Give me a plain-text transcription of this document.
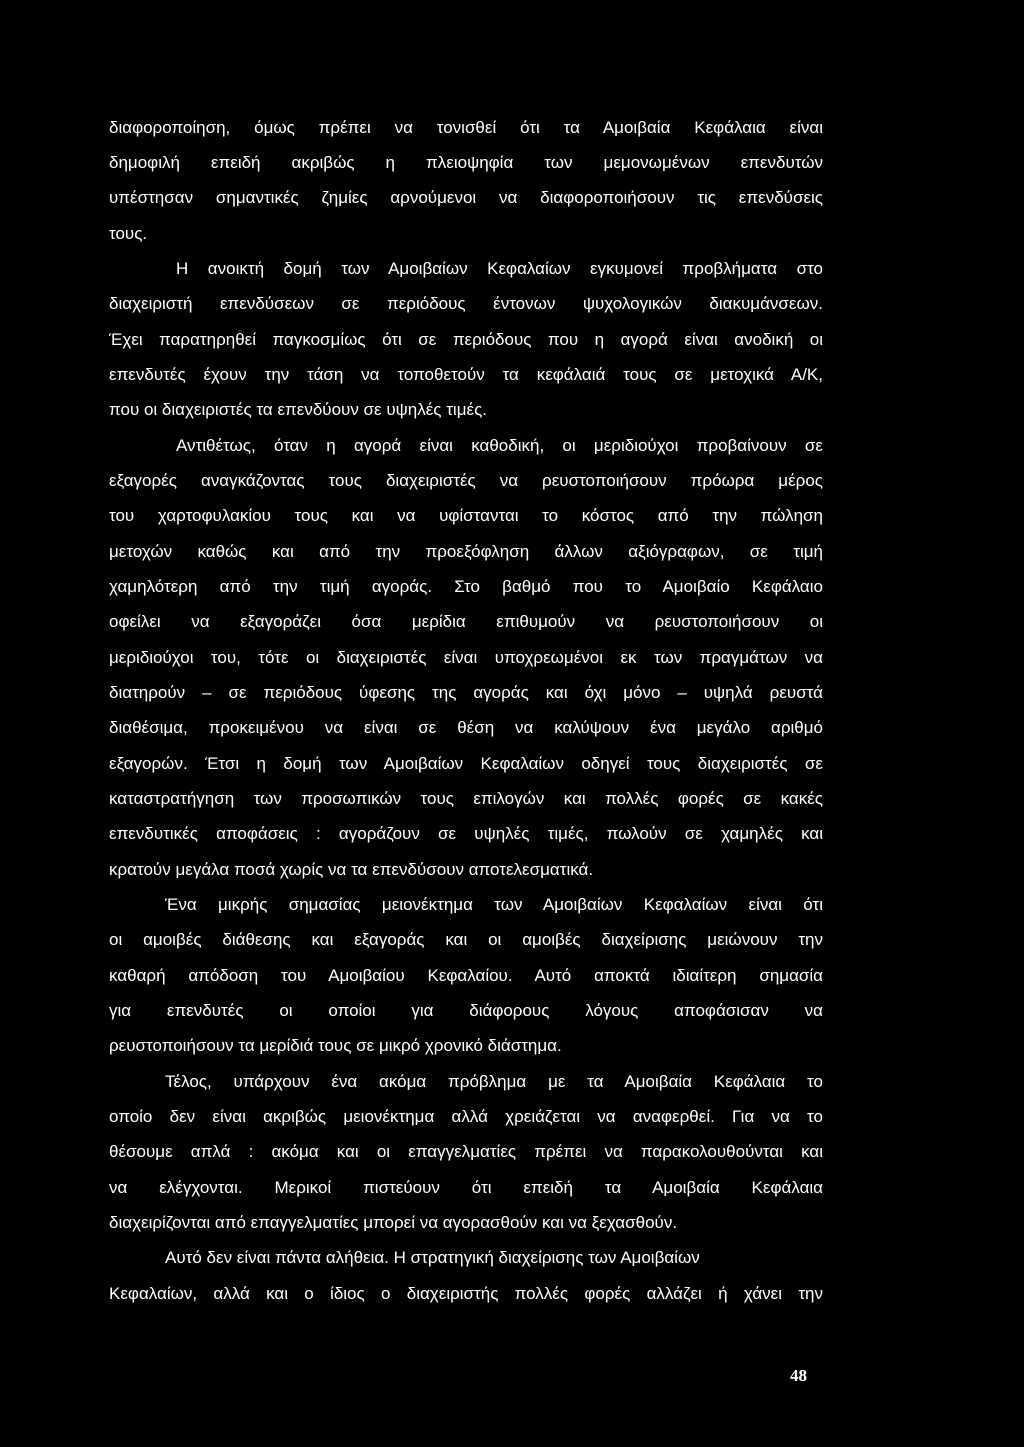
διαφοροποίηση, όμως πρέπει να τονισθεί ότι τα Αμοιβαία Κεφάλαια είναι
δημοφιλή επειδή ακριβώς η πλειοψηφία των μεμονωμένων επενδυτών
υπέστησαν σημαντικές ζημίες αρνούμενοι να διαφοροποιήσουν τις επενδύσεις
τους.
Η ανοικτή δομή των Αμοιβαίων Κεφαλαίων εγκυμονεί προβλήματα στο
διαχειριστή επενδύσεων σε περιόδους έντονων ψυχολογικών διακυμάνσεων.
Έχει παρατηρηθεί παγκοσμίως ότι σε περιόδους που η αγορά είναι ανοδική οι
επενδυτές έχουν την τάση να τοποθετούν τα κεφάλαιά τους σε μετοχικά Α/Κ,
που οι διαχειριστές τα επενδύουν σε υψηλές τιμές.
Αντιθέτως, όταν η αγορά είναι καθοδική, οι μεριδιούχοι προβαίνουν σε
εξαγορές αναγκάζοντας τους διαχειριστές να ρευστοποιήσουν πρόωρα μέρος
του χαρτοφυλακίου τους και να υφίστανται το κόστος από την πώληση
μετοχών καθώς και από την προεξόφληση άλλων αξιόγραφων, σε τιμή
χαμηλότερη από την τιμή αγοράς. Στο βαθμό που το Αμοιβαίο Κεφάλαιο
οφείλει να εξαγοράζει όσα μερίδια επιθυμούν να ρευστοποιήσουν οι
μεριδιούχοι του, τότε οι διαχειριστές είναι υποχρεωμένοι εκ των πραγμάτων να
διατηρούν – σε περιόδους ύφεσης της αγοράς και όχι μόνο – υψηλά ρευστά
διαθέσιμα, προκειμένου να είναι σε θέση να καλύψουν ένα μεγάλο αριθμό
εξαγορών. Έτσι η δομή των Αμοιβαίων Κεφαλαίων οδηγεί τους διαχειριστές σε
καταστρατήγηση των προσωπικών τους επιλογών και πολλές φορές σε κακές
επενδυτικές αποφάσεις : αγοράζουν σε υψηλές τιμές, πωλούν σε χαμηλές και
κρατούν μεγάλα ποσά χωρίς να τα επενδύσουν αποτελεσματικά.
Ένα μικρής σημασίας μειονέκτημα των Αμοιβαίων Κεφαλαίων είναι ότι
οι αμοιβές διάθεσης και εξαγοράς και οι αμοιβές διαχείρισης μειώνουν την
καθαρή απόδοση του Αμοιβαίου Κεφαλαίου. Αυτό αποκτά ιδιαίτερη σημασία
για επενδυτές οι οποίοι για διάφορους λόγους αποφάσισαν να
ρευστοποιήσουν τα μερίδιά τους σε μικρό χρονικό διάστημα.
Τέλος, υπάρχουν ένα ακόμα πρόβλημα με τα Αμοιβαία Κεφάλαια το
οποίο δεν είναι ακριβώς μειονέκτημα αλλά χρειάζεται να αναφερθεί. Για να το
θέσουμε απλά : ακόμα και οι επαγγελματίες πρέπει να παρακολουθούνται και
να ελέγχονται. Μερικοί πιστεύουν ότι επειδή τα Αμοιβαία Κεφάλαια
διαχειρίζονται από επαγγελματίες μπορεί να αγορασθούν και να ξεχασθούν.
Αυτό δεν είναι πάντα αλήθεια. Η στρατηγική διαχείρισης των Αμοιβαίων
Κεφαλαίων, αλλά και ο ίδιος ο διαχειριστής πολλές φορές αλλάζει ή χάνει την
48
